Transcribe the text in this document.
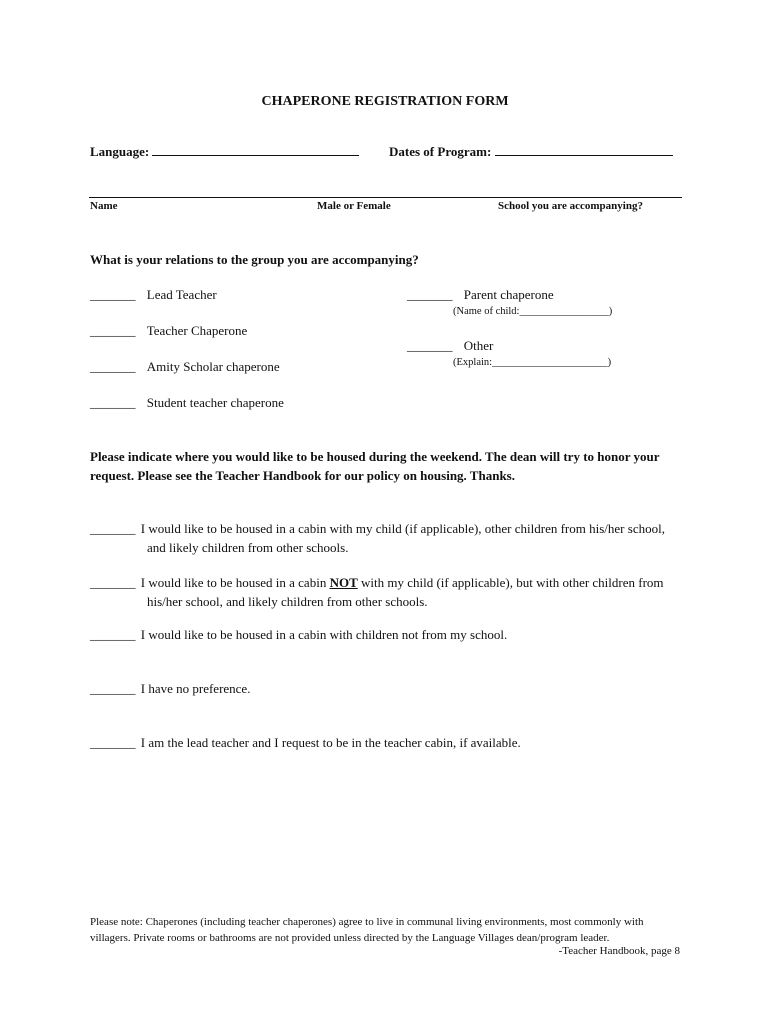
CHAPERONE REGISTRATION FORM
Language:	Dates of Program:
Name	Male or Female	School you are accompanying?
What is your relations to the group you are accompanying?
_______ Lead Teacher
_______ Teacher Chaperone
_______ Amity Scholar chaperone
_______ Student teacher chaperone
_______ Parent chaperone
(Name of child:_________________)
_______ Other
(Explain:______________________)
Please indicate where you would like to be housed during the weekend. The dean will try to honor your request. Please see the Teacher Handbook for our policy on housing. Thanks.
_______ I would like to be housed in a cabin with my child (if applicable), other children from his/her school,
and likely children from other schools.
_______ I would like to be housed in a cabin NOT with my child (if applicable), but with other children from
his/her school, and likely children from other schools.
_______ I would like to be housed in a cabin with children not from my school.
_______ I have no preference.
_______ I am the lead teacher and I request to be in the teacher cabin, if available.
Please note: Chaperones (including teacher chaperones) agree to live in communal living environments, most commonly with villagers. Private rooms or bathrooms are not provided unless directed by the Language Villages dean/program leader.
-Teacher Handbook, page 8
